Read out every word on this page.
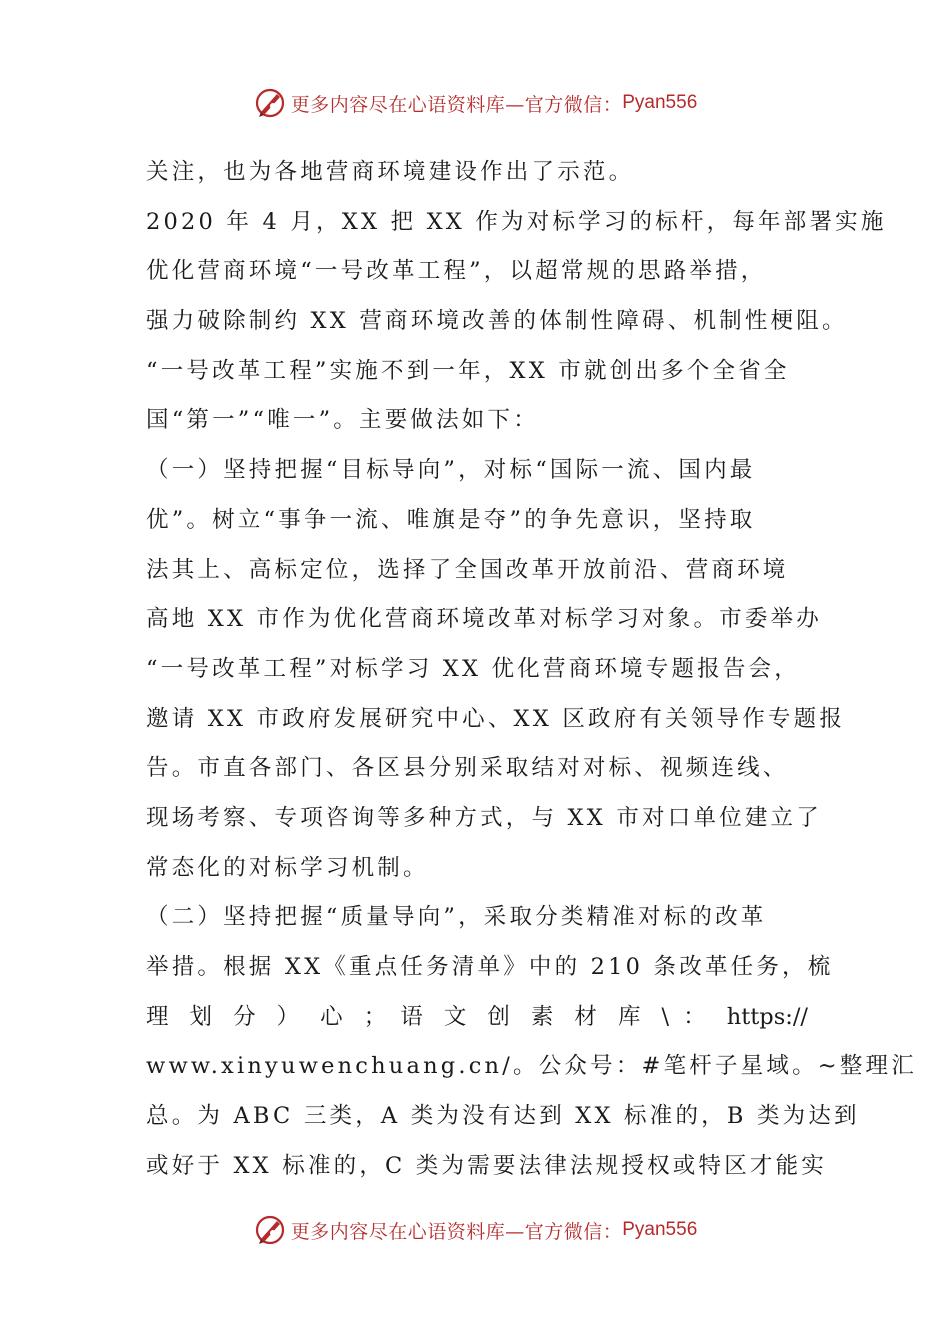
更多内容尽在心语资料库—官方微信： Pyan556
关注，也为各地营商环境建设作出了示范。
2020 年 4 月，XX 把 XX 作为对标学习的标杆，每年部署实施
优化营商环境“一号改革工程”，以超常规的思路举措，
强力破除制约 XX 营商环境改善的体制性障碍、机制性梗阻。
“一号改革工程”实施不到一年，XX 市就创出多个全省全
国“第一”“唯一”。主要做法如下：
（一）坚持把握“目标导向”，对标“国际一流、国内最
优”。树立“事争一流、唯旗是夺”的争先意识，坚持取
法其上、高标定位，选择了全国改革开放前沿、营商环境
高地 XX 市作为优化营商环境改革对标学习对象。市委举办
“一号改革工程”对标学习 XX 优化营商环境专题报告会，
邀请 XX 市政府发展研究中心、XX 区政府有关领导作专题报
告。市直各部门、各区县分别采取结对对标、视频连线、
现场考察、专项咨询等多种方式，与 XX 市对口单位建立了
常态化的对标学习机制。
（二）坚持把握“质量导向”，采取分类精准对标的改革
举措。根据 XX《重点任务清单》中的 210 条改革任务，梳
理 划 分 ） 心 ； 语 文 创 素 材 库 \ ： https://
www.xinyuwenchuang.cn/。公众号：#笔杆子星域。~整理汇
总。为 ABC 三类，A 类为没有达到 XX 标准的，B 类为达到
或好于 XX 标准的，C 类为需要法律法规授权或特区才能实
更多内容尽在心语资料库—官方微信： Pyan556
